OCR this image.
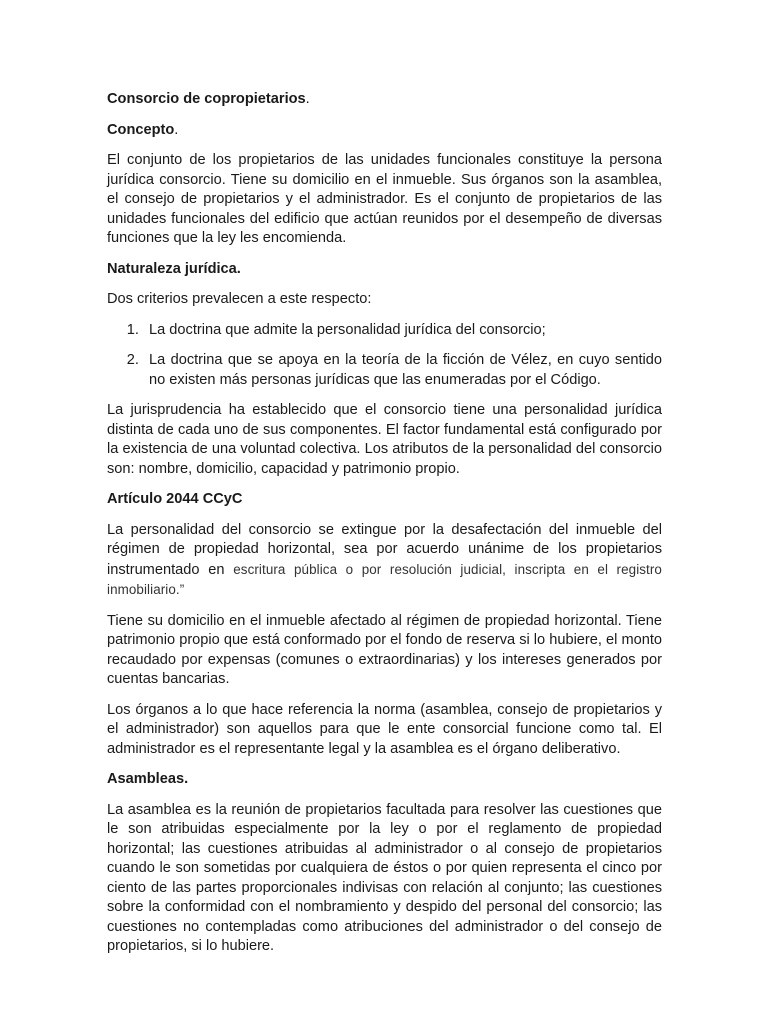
Consorcio de copropietarios.
Concepto.

El conjunto de los propietarios de las unidades funcionales constituye la persona jurídica consorcio. Tiene su domicilio en el inmueble. Sus órganos son la asamblea, el consejo de propietarios y el administrador. Es el conjunto de propietarios de las unidades funcionales del edificio que actúan reunidos por el desempeño de diversas funciones que la ley les encomienda.

Naturaleza jurídica.

Dos criterios prevalecen a este respecto:

1. La doctrina que admite la personalidad jurídica del consorcio;
2. La doctrina que se apoya en la teoría de la ficción de Vélez, en cuyo sentido no existen más personas jurídicas que las enumeradas por el Código.

La jurisprudencia ha establecido que el consorcio tiene una personalidad jurídica distinta de cada uno de sus componentes. El factor fundamental está configurado por la existencia de una voluntad colectiva. Los atributos de la personalidad del consorcio son: nombre, domicilio, capacidad y patrimonio propio.

Artículo 2044 CCyC

La personalidad del consorcio se extingue por la desafectación del inmueble del régimen de propiedad horizontal, sea por acuerdo unánime de los propietarios instrumentado en escritura pública o por resolución judicial, inscripta en el registro inmobiliario.”

Tiene su domicilio en el inmueble afectado al régimen de propiedad horizontal. Tiene patrimonio propio que está conformado por el fondo de reserva si lo hubiere, el monto recaudado por expensas (comunes o extraordinarias) y los intereses generados por cuentas bancarias.

Los órganos a lo que hace referencia la norma (asamblea, consejo de propietarios y el administrador) son aquellos para que le ente consorcial funcione como tal. El administrador es el representante legal y la asamblea es el órgano deliberativo.

Asambleas.

La asamblea es la reunión de propietarios facultada para resolver las cuestiones que le son atribuidas especialmente por la ley o por el reglamento de propiedad horizontal; las cuestiones atribuidas al administrador o al consejo de propietarios cuando le son sometidas por cualquiera de éstos o por quien representa el cinco por ciento de las partes proporcionales indivisas con relación al conjunto; las cuestiones sobre la conformidad con el nombramiento y despido del personal del consorcio; las cuestiones no contempladas como atribuciones del administrador o del consejo de propietarios, si lo hubiere.
